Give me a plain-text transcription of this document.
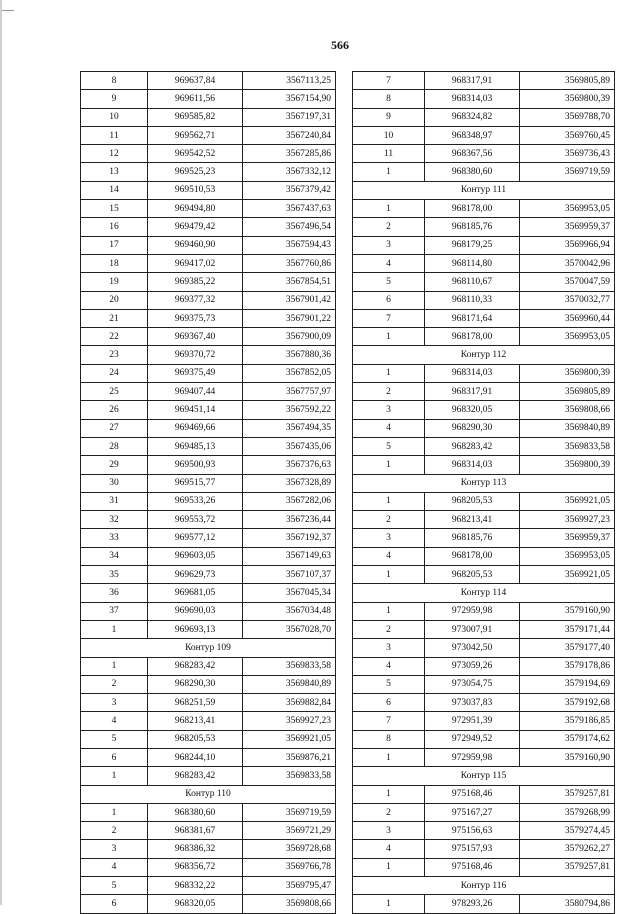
566
8	969637,84	3567113,25
9	969611,56	3567154,90
10	969585,82	3567197,31
11	969562,71	3567240,84
12	969542,52	3567285,86
13	969525,23	3567332,12
14	969510,53	3567379,42
15	969494,80	3567437,63
16	969479,42	3567496,54
17	969460,90	3567594,43
18	969417,02	3567760,86
19	969385,22	3567854,51
20	969377,32	3567901,42
21	969375,73	3567901,22
22	969367,40	3567900,09
23	969370,72	3567880,36
24	969375,49	3567852,05
25	969407,44	3567757,97
26	969451,14	3567592,22
27	969469,66	3567494,35
28	969485,13	3567435,06
29	969500,93	3567376,63
30	969515,77	3567328,89
31	969533,26	3567282,06
32	969553,72	3567236,44
33	969577,12	3567192,37
34	969603,05	3567149,63
35	969629,73	3567107,37
36	969681,05	3567045,34
37	969690,03	3567034,48
1	969693,13	3567028,70
Контур 109		
1	968283,42	3569833,58
2	968290,30	3569840,89
3	968251,59	3569882,84
4	968213,41	3569927,23
5	968205,53	3569921,05
6	968244,10	3569876,21
1	968283,42	3569833,58
Контур 110		
1	968380,60	3569719,59
2	968381,67	3569721,29
3	968386,32	3569728,68
4	968356,72	3569766,78
5	968332,22	3569795,47
6	968320,05	3569808,66
7	968317,91	3569805,89
8	968314,03	3569800,39
9	968324,82	3569788,70
10	968348,97	3569760,45
11	968367,56	3569736,43
1	968380,60	3569719,59
Контур 111		
1	968178,00	3569953,05
2	968185,76	3569959,37
3	968179,25	3569966,94
4	968114,80	3570042,96
5	968110,67	3570047,59
6	968110,33	3570032,77
7	968171,64	3569960,44
1	968178,00	3569953,05
Контур 112		
1	968314,03	3569800,39
2	968317,91	3569805,89
3	968320,05	3569808,66
4	968290,30	3569840,89
5	968283,42	3569833,58
1	968314,03	3569800,39
Контур 113		
1	968205,53	3569921,05
2	968213,41	3569927,23
3	968185,76	3569959,37
4	968178,00	3569953,05
1	968205,53	3569921,05
Контур 114		
1	972959,98	3579160,90
2	973007,91	3579171,44
3	973042,50	3579177,40
4	973059,26	3579178,86
5	973054,75	3579194,69
6	973037,83	3579192,68
7	972951,39	3579186,85
8	972949,52	3579174,62
1	972959,98	3579160,90
Контур 115		
1	975168,46	3579257,81
2	975167,27	3579268,99
3	975156,63	3579274,45
4	975157,93	3579262,27
1	975168,46	3579257,81
Контур 116		
1	978293,26	3580794,86
